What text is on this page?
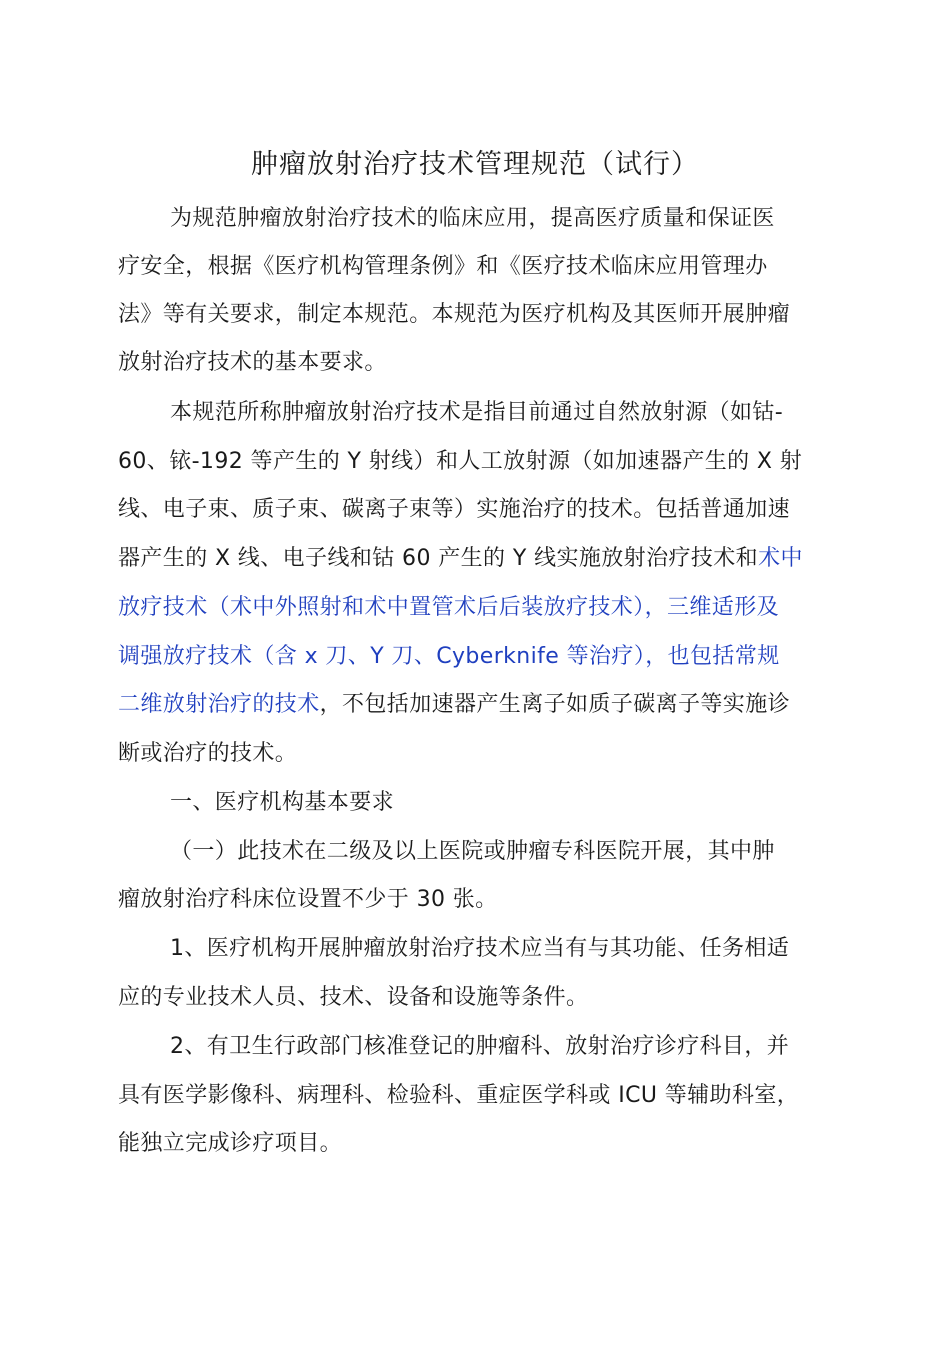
肿瘤放射治疗技术管理规范（试行）
为规范肿瘤放射治疗技术的临床应用，提高医疗质量和保证医
疗安全，根据《医疗机构管理条例》和《医疗技术临床应用管理办
法》等有关要求，制定本规范。本规范为医疗机构及其医师开展肿瘤
放射治疗技术的基本要求。
本规范所称肿瘤放射治疗技术是指目前通过自然放射源（如钴-
60、铱-192 等产生的 Y 射线）和人工放射源（如加速器产生的 X 射
线、电子束、质子束、碳离子束等）实施治疗的技术。包括普通加速
器产生的 X 线、电子线和钴 60 产生的 Y 线实施放射治疗技术和术中
放疗技术（术中外照射和术中置管术后后装放疗技术），三维适形及
调强放疗技术（含 x 刀、Y 刀、Cyberknife 等治疗），也包括常规
二维放射治疗的技术，不包括加速器产生离子如质子碳离子等实施诊
断或治疗的技术。
一、医疗机构基本要求
（一）此技术在二级及以上医院或肿瘤专科医院开展，其中肿
瘤放射治疗科床位设置不少于 30 张。
1、医疗机构开展肿瘤放射治疗技术应当有与其功能、任务相适
应的专业技术人员、技术、设备和设施等条件。
2、有卫生行政部门核准登记的肿瘤科、放射治疗诊疗科目，并
具有医学影像科、病理科、检验科、重症医学科或 ICU 等辅助科室，
能独立完成诊疗项目。
